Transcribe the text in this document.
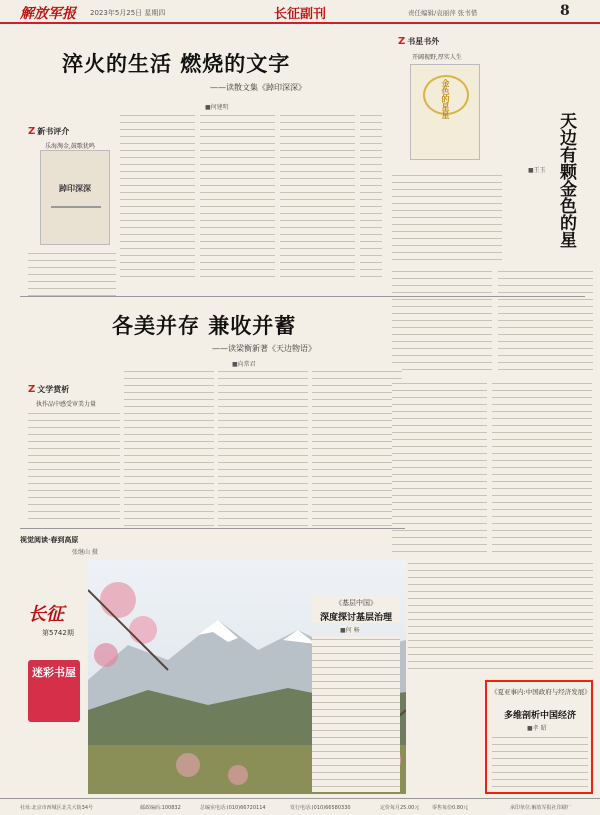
解放军报 2023年5月25日 星期四	长征副刊	责任编辑/袁丽萍 张书惜	8
淬火的生活 燃烧的文字
——读散文集《踔印深深》
■何建明
Z 新书评介
乐海淘金,鼓歌犹鸣
踔印深深
Z 书星书外
开阔视野,厚实人生
金色的星星
天边有颗金色的星
■王玉
各美并存 兼收并蓄
——读梁衡新著《天边物语》
■向常君
Z 文学赏析
执作品中感受审美力量
视觉阅读·春到高原
张继山 摄
长征
第5742期
迷彩书屋
《基层中国》
深度探讨基层治理
■何 畅
《夏亚事内:中国政府与经济发展》
多维剖析中国经济
■孝 昭
社址:北京市西城区北关大街34号	邮政编码:100832	总编室电话:(010)66720114	发行电话:(010)66580330	定价每月25.00元	零售每份0.80元	承印单位:解放军报社印刷厂
